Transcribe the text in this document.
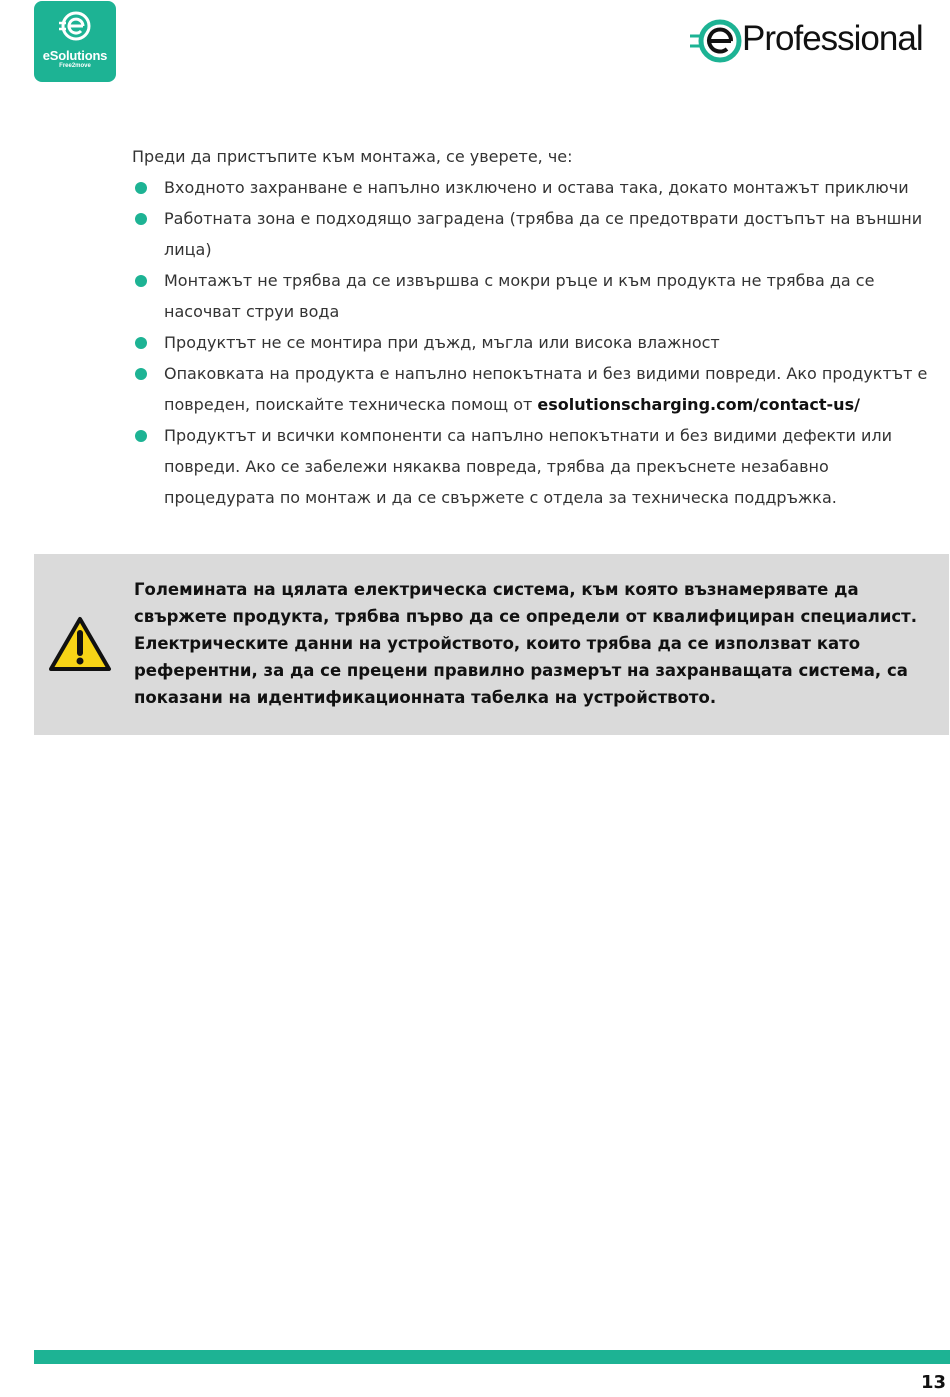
eSolutions
Free2move
Professional
Преди да пристъпите към монтажа, се уверете, че:
Входното захранване е напълно изключено и остава така, докато монтажът приключи
Работната зона е подходящо заградена (трябва да се предотврати достъпът на външни
лица)
Монтажът не трябва да се извършва с мокри ръце и към продукта не трябва да се
насочват струи вода
Продуктът не се монтира при дъжд, мъгла или висока влажност
Опаковката на продукта е напълно непокътната и без видими повреди. Ако продуктът е
повреден, поискайте техническа помощ от esolutionscharging.com/contact-us/
Продуктът и всички компоненти са напълно непокътнати и без видими дефекти или
повреди. Ако се забележи някаква повреда, трябва да прекъснете незабавно
процедурата по монтаж и да се свържете с отдела за техническа поддръжка.
Големината на цялата електрическа система, към която възнамерявате да
свържете продукта, трябва първо да се определи от квалифициран специалист.
Електрическите данни на устройството, които трябва да се използват като
референтни, за да се прецени правилно размерът на захранващата система, са
показани на идентификационната табелка на устройството.
13
